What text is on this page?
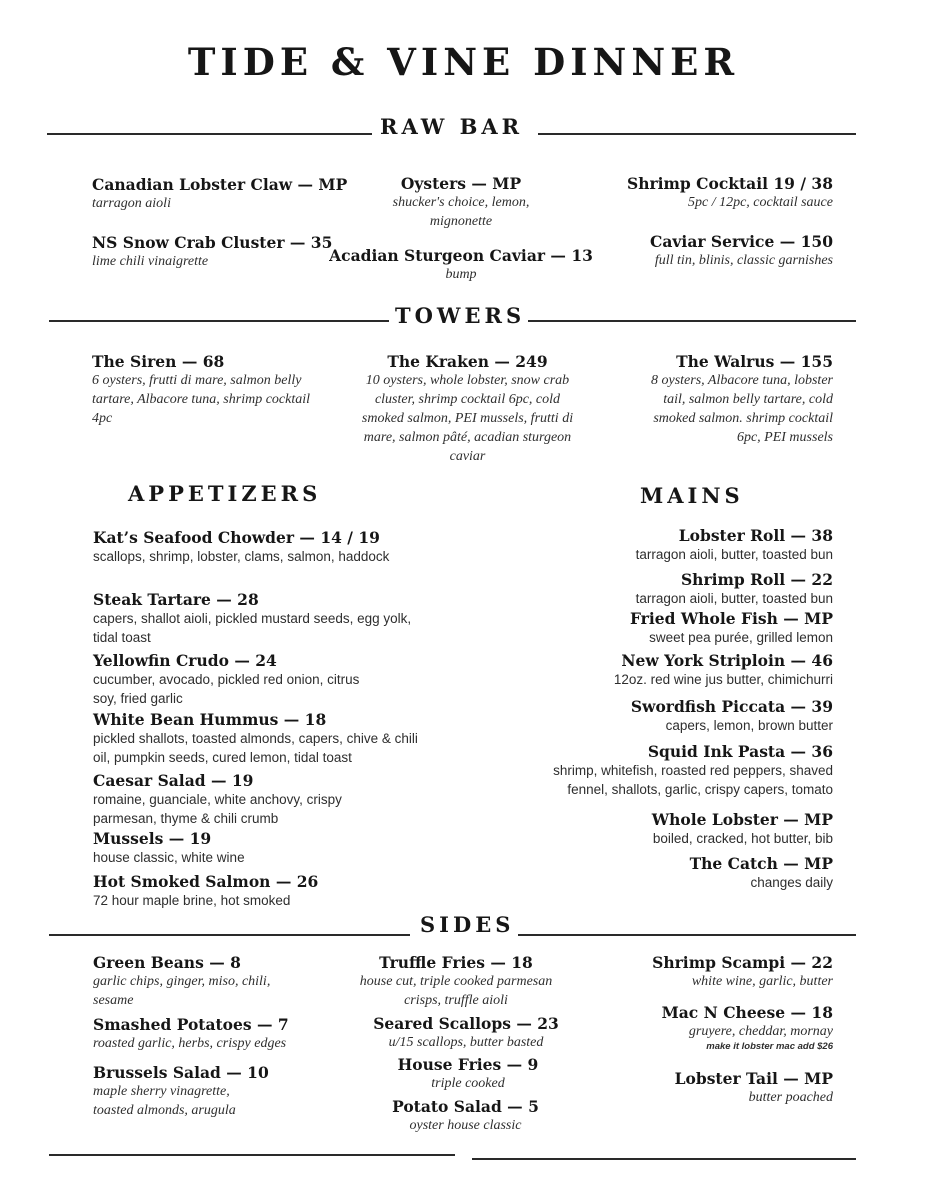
TIDE & VINE DINNER
RAW BAR
Canadian Lobster Claw — MP
tarragon aioli
NS Snow Crab Cluster — 35
lime chili vinaigrette
Oysters — MP
shucker's choice, lemon, mignonette
Acadian Sturgeon Caviar — 13
bump
Shrimp Cocktail 19 / 38
5pc / 12pc, cocktail sauce
Caviar Service — 150
full tin, blinis, classic garnishes
TOWERS
The Siren — 68
6 oysters, frutti di mare, salmon belly tartare, Albacore tuna, shrimp cocktail 4pc
The Kraken — 249
10 oysters, whole lobster, snow crab cluster, shrimp cocktail 6pc, cold smoked salmon, PEI mussels, frutti di mare, salmon pâté, acadian sturgeon caviar
The Walrus — 155
8 oysters, Albacore tuna, lobster tail, salmon belly tartare, cold smoked salmon. shrimp cocktail 6pc, PEI mussels
APPETIZERS
Kat’s Seafood Chowder — 14 / 19
scallops, shrimp, lobster, clams, salmon, haddock
Steak Tartare — 28
capers, shallot aioli, pickled mustard seeds, egg yolk, tidal toast
Yellowfin Crudo — 24
cucumber, avocado, pickled red onion, citrus soy, fried garlic
White Bean Hummus — 18
pickled shallots, toasted almonds, capers, chive & chili oil, pumpkin seeds, cured lemon, tidal toast
Caesar Salad — 19
romaine, guanciale, white anchovy, crispy parmesan, thyme & chili crumb
Mussels — 19
house classic, white wine
Hot Smoked Salmon — 26
72 hour maple brine, hot smoked
MAINS
Lobster Roll — 38
tarragon aioli, butter, toasted bun
Shrimp Roll — 22
tarragon aioli, butter, toasted bun
Fried Whole Fish — MP
sweet pea purée, grilled lemon
New York Striploin — 46
12oz. red wine jus butter, chimichurri
Swordfish Piccata — 39
capers, lemon, brown butter
Squid Ink Pasta — 36
shrimp, whitefish, roasted red peppers, shaved fennel, shallots, garlic, crispy capers, tomato
Whole Lobster — MP
boiled, cracked, hot butter, bib
The Catch — MP
changes daily
SIDES
Green Beans — 8
garlic chips, ginger, miso, chili, sesame
Smashed Potatoes — 7
roasted garlic, herbs, crispy edges
Brussels Salad — 10
maple sherry vinagrette, toasted almonds, arugula
Truffle Fries — 18
house cut, triple cooked parmesan crisps, truffle aioli
Seared Scallops — 23
u/15 scallops, butter basted
House Fries — 9
triple cooked
Potato Salad — 5
oyster house classic
Shrimp Scampi — 22
white wine, garlic, butter
Mac N Cheese — 18
gruyere, cheddar, mornay
make it lobster mac add $26
Lobster Tail — MP
butter poached
